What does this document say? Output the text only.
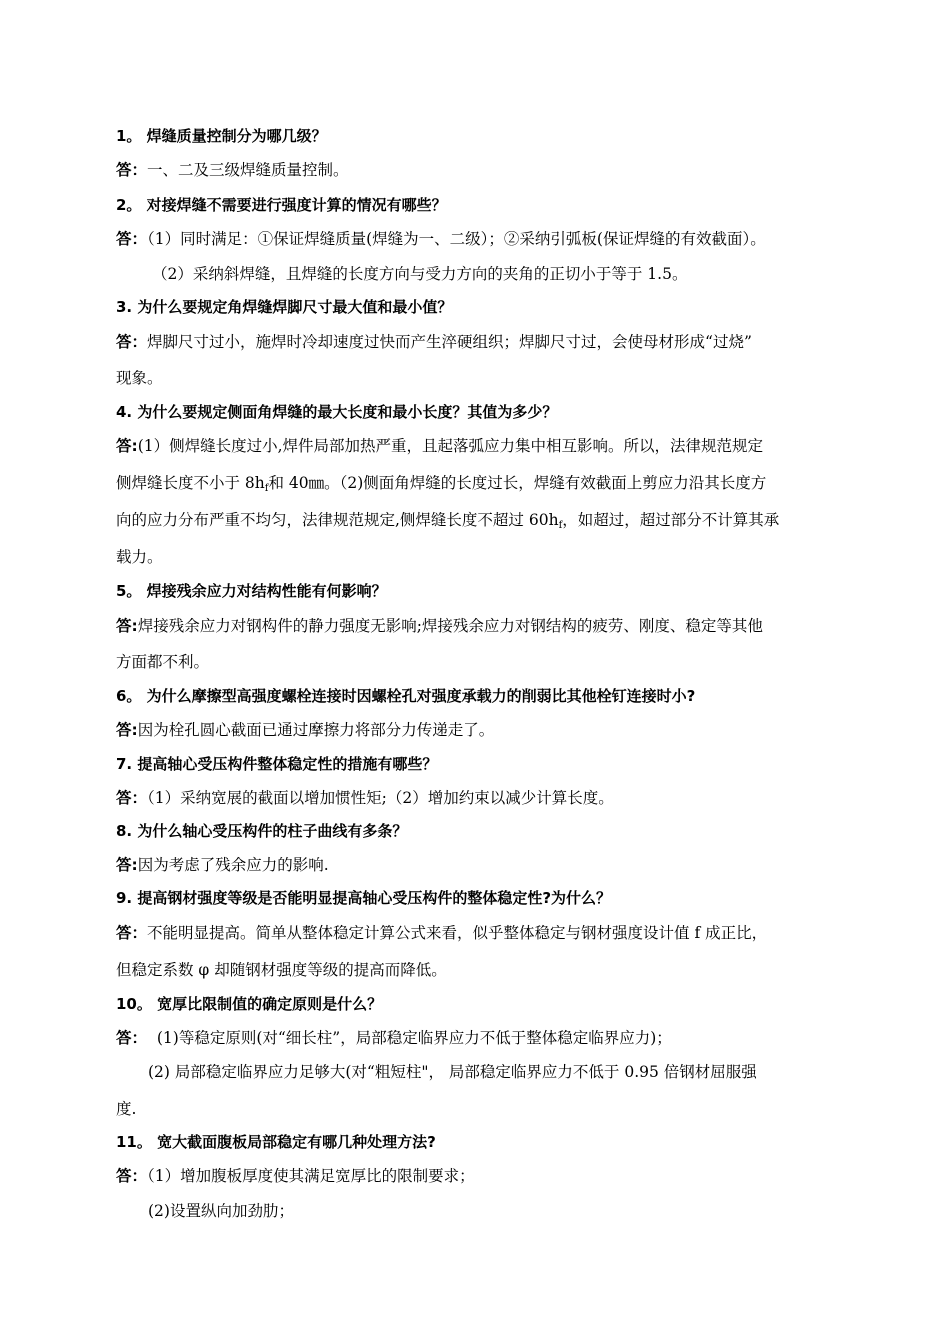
1。 焊缝质量控制分为哪几级？
答：一、二及三级焊缝质量控制。
2。 对接焊缝不需要进行强度计算的情况有哪些？
答：（1）同时满足：①保证焊缝质量(焊缝为一、二级）；②采纳引弧板(保证焊缝的有效截面）。
（2）采纳斜焊缝，且焊缝的长度方向与受力方向的夹角的正切小于等于 1.5。
3. 为什么要规定角焊缝焊脚尺寸最大值和最小值？
答：焊脚尺寸过小，施焊时冷却速度过快而产生淬硬组织；焊脚尺寸过，会使母材形成“过烧”
现象。
4. 为什么要规定侧面角焊缝的最大长度和最小长度？其值为多少？
答:(1）侧焊缝长度过小,焊件局部加热严重，且起落弧应力集中相互影响。所以，法律规范规定
侧焊缝长度不小于 $8h_f$和 40㎜。（2)侧面角焊缝的长度过长，焊缝有效截面上剪应力沿其长度方
向的应力分布严重不均匀，法律规范规定,侧焊缝长度不超过 $60h_f$，如超过，超过部分不计算其承
载力。
5。 焊接残余应力对结构性能有何影响？
答:焊接残余应力对钢构件的静力强度无影响;焊接残余应力对钢结构的疲劳、刚度、稳定等其他
方面都不利。
6。 为什么摩擦型高强度螺栓连接时因螺栓孔对强度承载力的削弱比其他栓钉连接时小?
答:因为栓孔圆心截面已通过摩擦力将部分力传递走了。
7. 提高轴心受压构件整体稳定性的措施有哪些？
答：（1）采纳宽展的截面以增加惯性矩;（2）增加约束以减少计算长度。
8. 为什么轴心受压构件的柱子曲线有多条？
答:因为考虑了残余应力的影响.
9. 提高钢材强度等级是否能明显提高轴心受压构件的整体稳定性?为什么？
答：不能明显提高。简单从整体稳定计算公式来看，似乎整体稳定与钢材强度设计值 f 成正比，
但稳定系数 φ 却随钢材强度等级的提高而降低。
10。 宽厚比限制值的确定原则是什么？
答：  (1)等稳定原则(对“细长柱”，局部稳定临界应力不低于整体稳定临界应力)；
(2) 局部稳定临界应力足够大(对“粗短柱"， 局部稳定临界应力不低于 0.95 倍钢材屈服强
度.
11。 宽大截面腹板局部稳定有哪几种处理方法?
答：（1）增加腹板厚度使其满足宽厚比的限制要求；
(2)设置纵向加劲肋；
